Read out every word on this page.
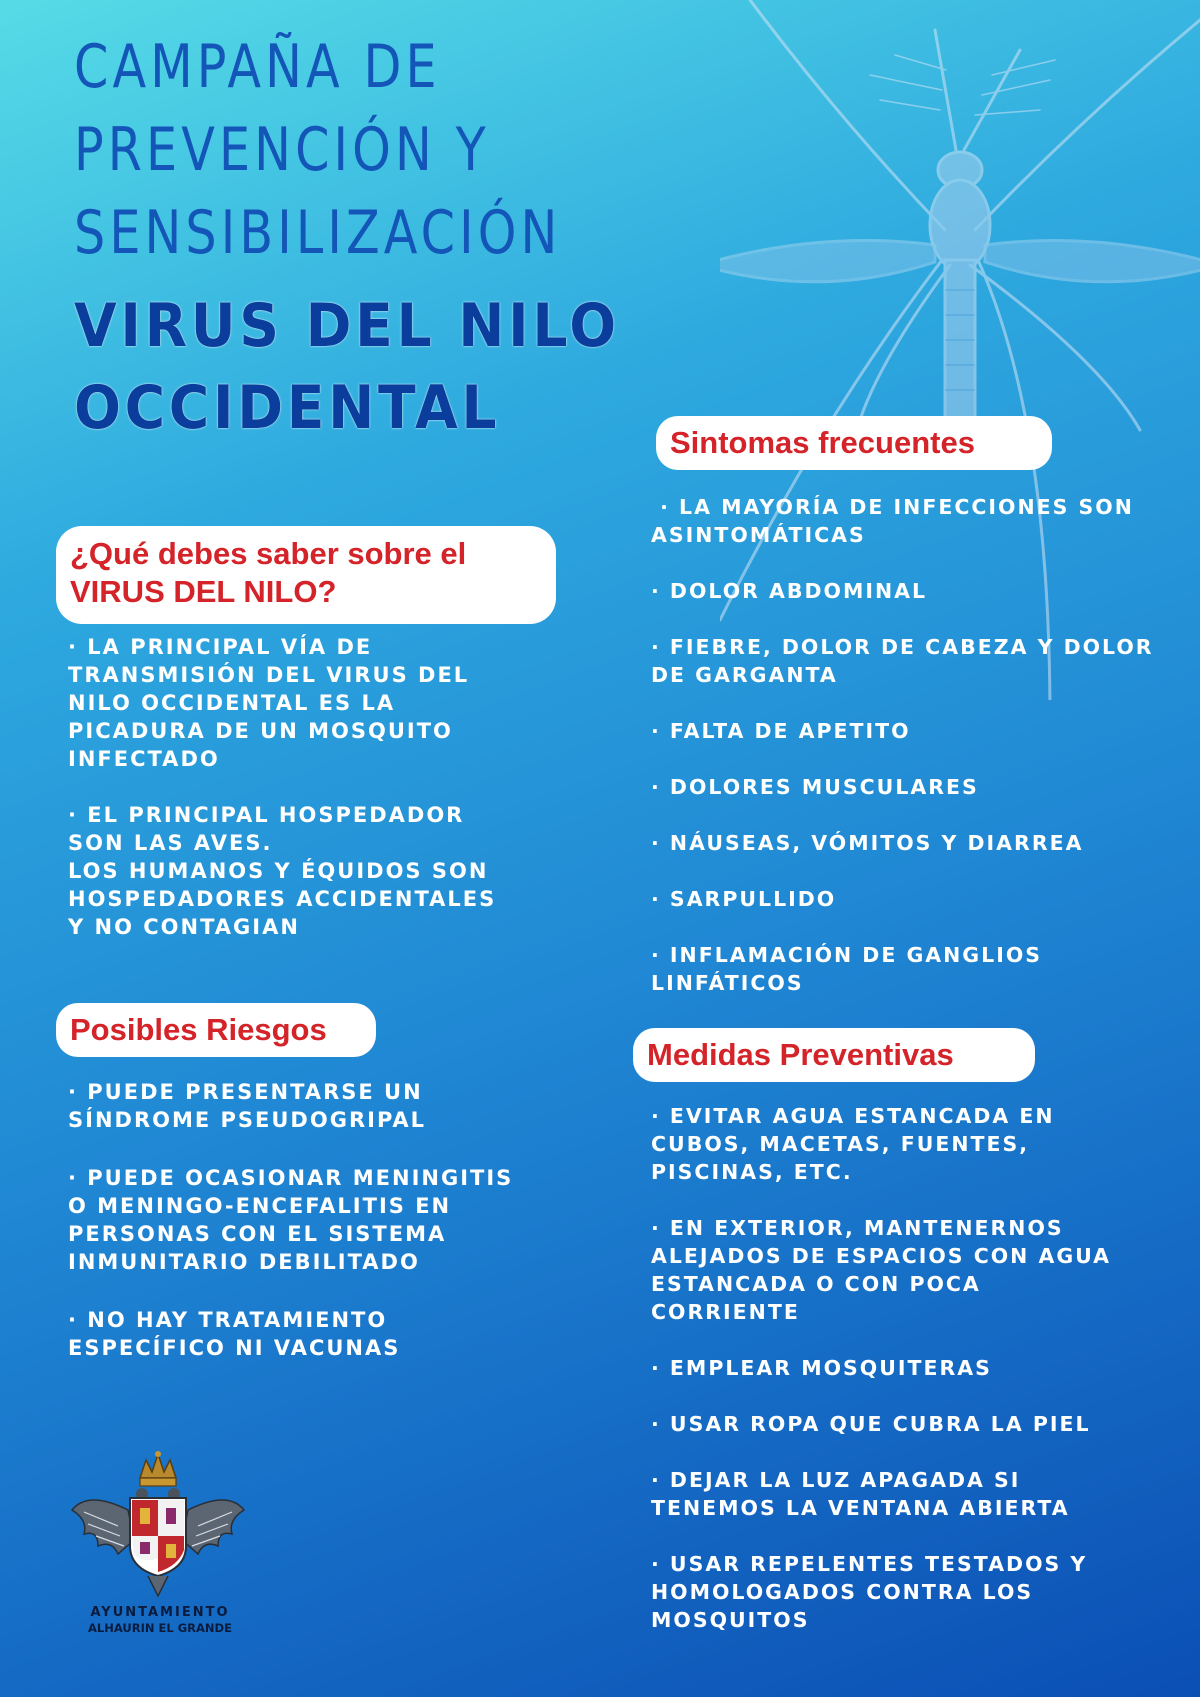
CAMPAÑA DE
PREVENCIÓN Y
SENSIBILIZACIÓN
VIRUS DEL NILO
OCCIDENTAL
¿Qué debes saber sobre el
VIRUS DEL NILO?
· LA PRINCIPAL VÍA DE
TRANSMISIÓN DEL VIRUS DEL
NILO OCCIDENTAL ES LA
PICADURA DE UN MOSQUITO
INFECTADO
· EL PRINCIPAL HOSPEDADOR
SON LAS AVES.
LOS HUMANOS Y ÉQUIDOS SON
HOSPEDADORES ACCIDENTALES
Y NO CONTAGIAN
Posibles Riesgos
· PUEDE PRESENTARSE UN
SÍNDROME PSEUDOGRIPAL
· PUEDE OCASIONAR MENINGITIS
O MENINGO-ENCEFALITIS EN
PERSONAS CON EL SISTEMA
INMUNITARIO DEBILITADO
· NO HAY TRATAMIENTO
ESPECÍFICO NI VACUNAS
Sintomas frecuentes
· LA MAYORÍA DE INFECCIONES SON
ASINTOMÁTICAS
· DOLOR ABDOMINAL
· FIEBRE, DOLOR DE CABEZA Y DOLOR
DE GARGANTA
· FALTA DE APETITO
· DOLORES MUSCULARES
· NÁUSEAS, VÓMITOS Y DIARREA
· SARPULLIDO
· INFLAMACIÓN DE GANGLIOS
LINFÁTICOS
Medidas Preventivas
· EVITAR AGUA ESTANCADA EN
CUBOS, MACETAS, FUENTES,
PISCINAS, ETC.
· EN EXTERIOR, MANTENERNOS
ALEJADOS DE ESPACIOS CON AGUA
ESTANCADA O CON POCA
CORRIENTE
· EMPLEAR MOSQUITERAS
· USAR ROPA QUE CUBRA LA PIEL
· DEJAR LA LUZ APAGADA SI
TENEMOS LA VENTANA ABIERTA
· USAR REPELENTES TESTADOS Y
HOMOLOGADOS CONTRA LOS
MOSQUITOS
AYUNTAMIENTO
ALHAURIN EL GRANDE
